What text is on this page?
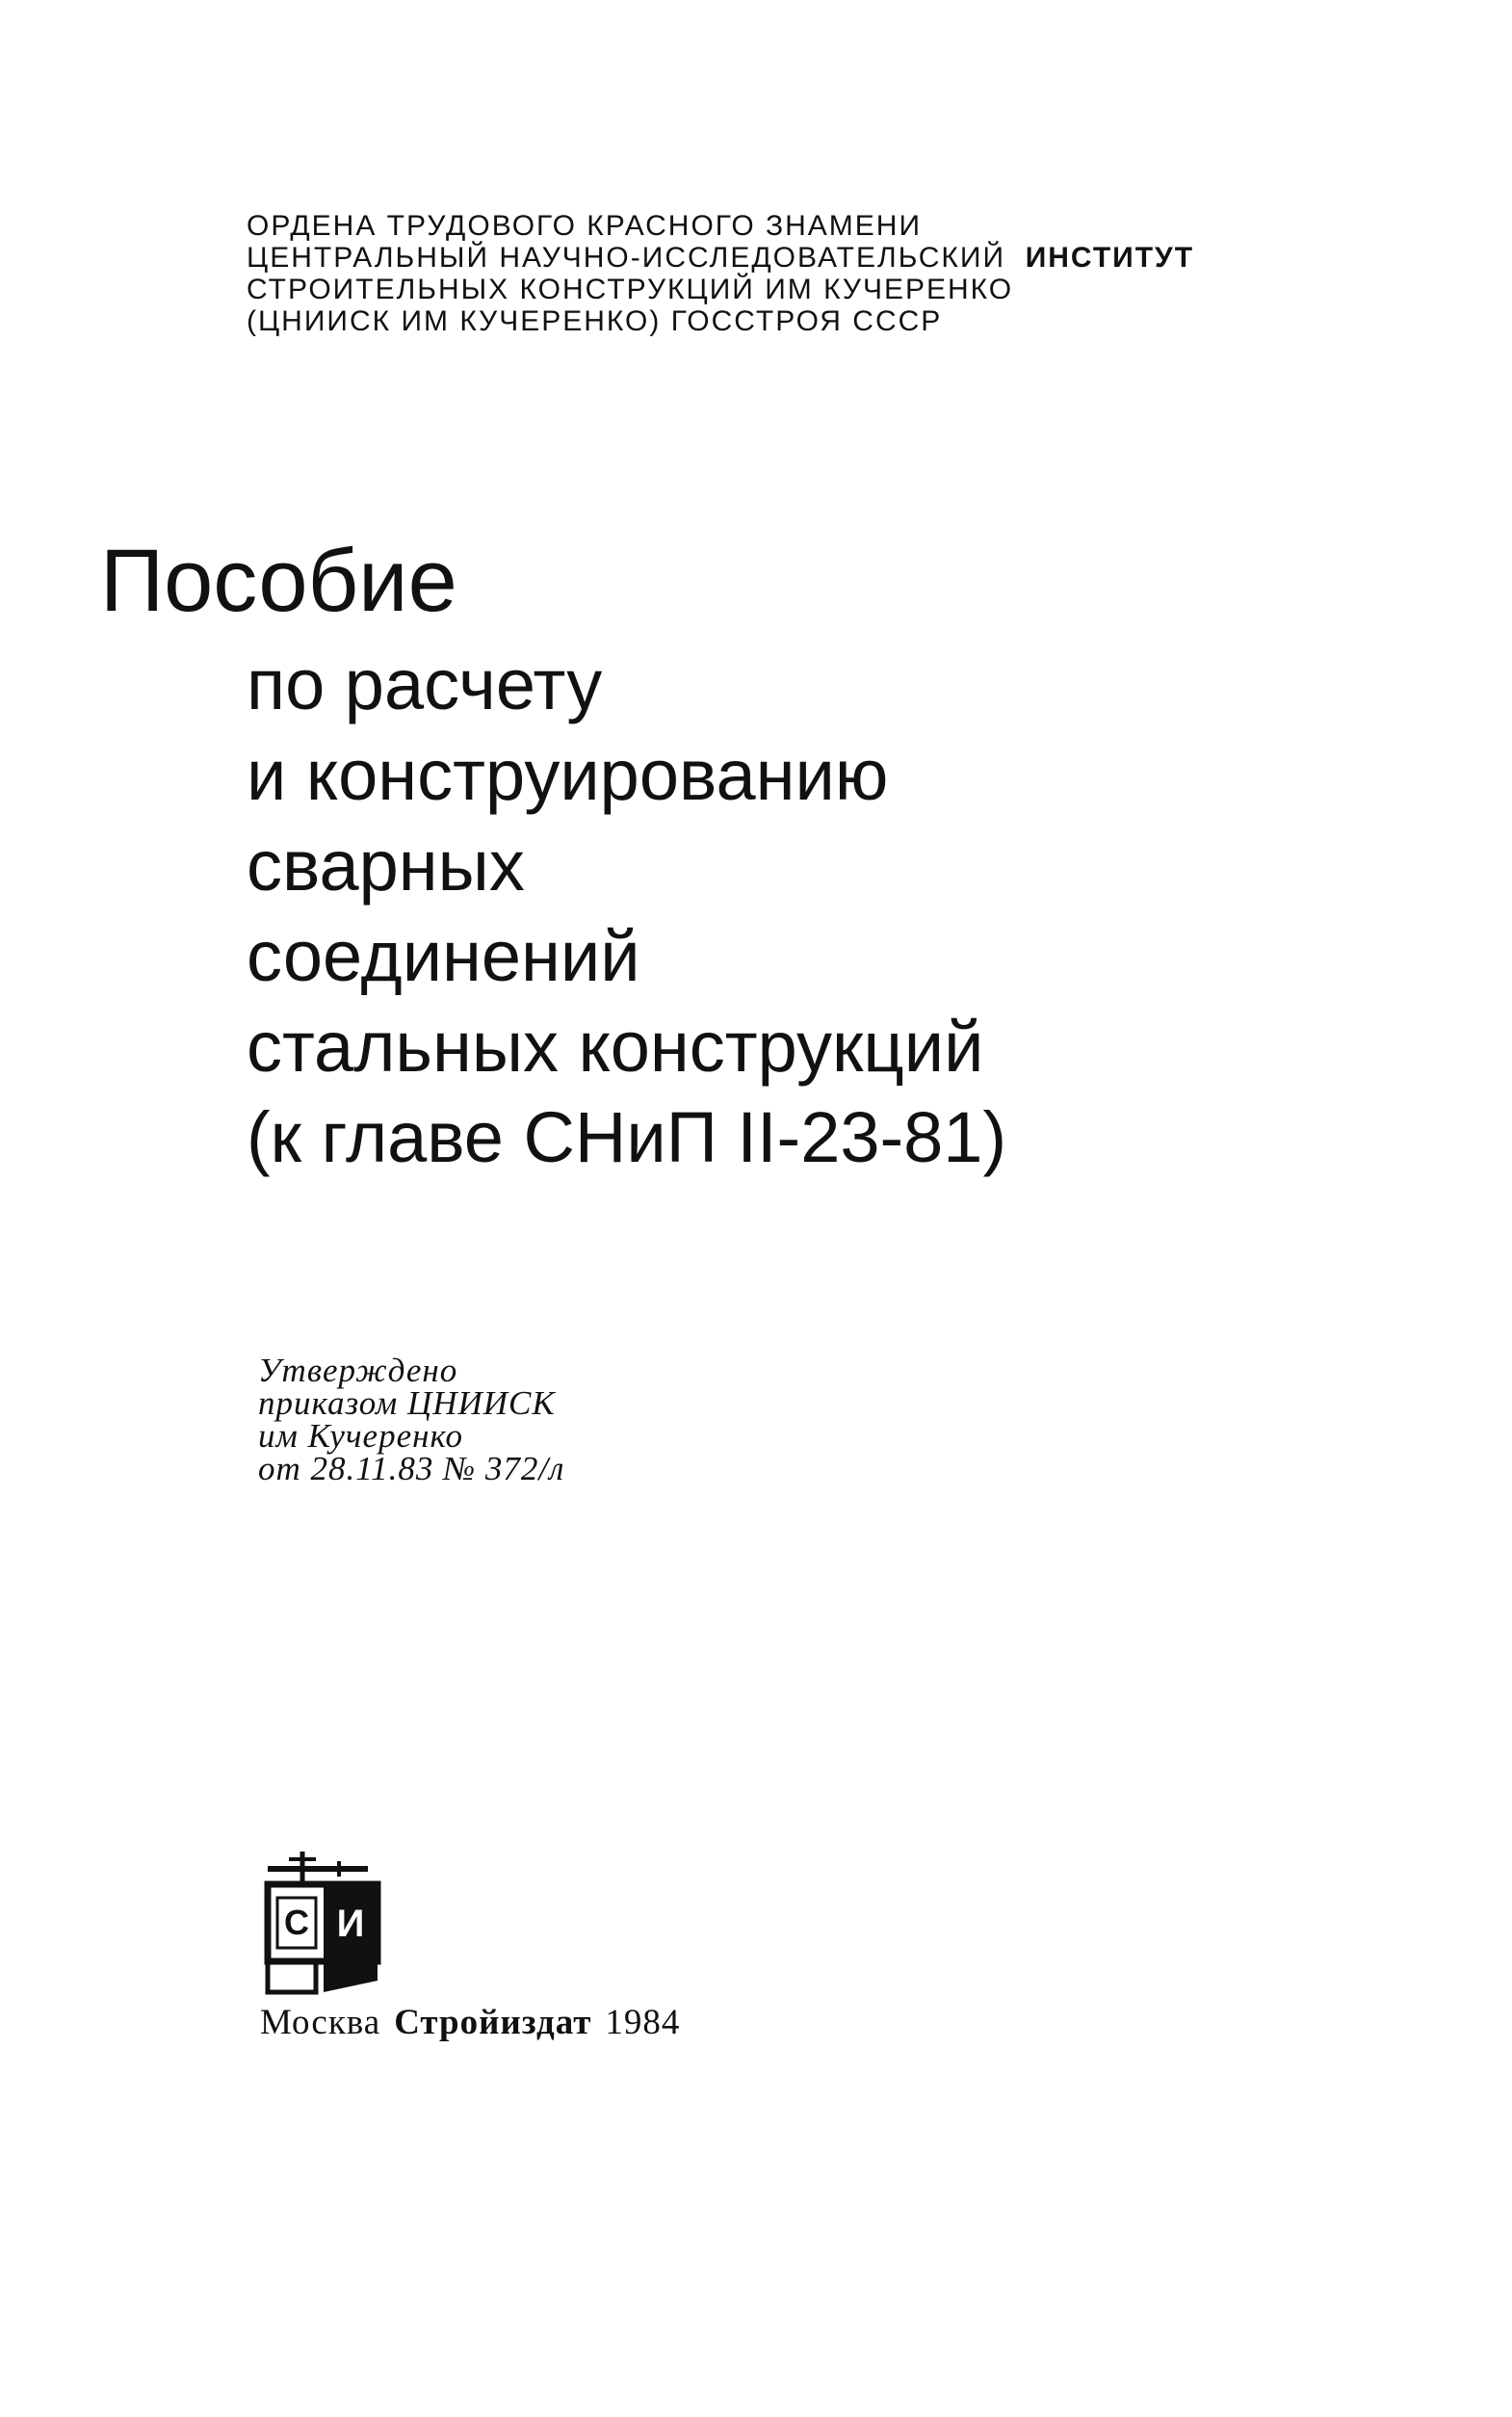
ОРДЕНА ТРУДОВОГО КРАСНОГО ЗНАМЕНИ
ЦЕНТРАЛЬНЫЙ НАУЧНО-ИССЛЕДОВАТЕЛЬСКИЙ ИНСТИТУТ
СТРОИТЕЛЬНЫХ КОНСТРУКЦИЙ ИМ КУЧЕРЕНКО
(ЦНИИСК ИМ КУЧЕРЕНКО) ГОССТРОЯ СССР
Пособие
по расчету
и конструированию
сварных
соединений
стальных конструкций
(к главе СНиП II-23-81)
Утверждено
приказом ЦНИИСК
им Кучеренко
от 28.11.83 № 372/л
С И
Москва Стройиздат 1984
